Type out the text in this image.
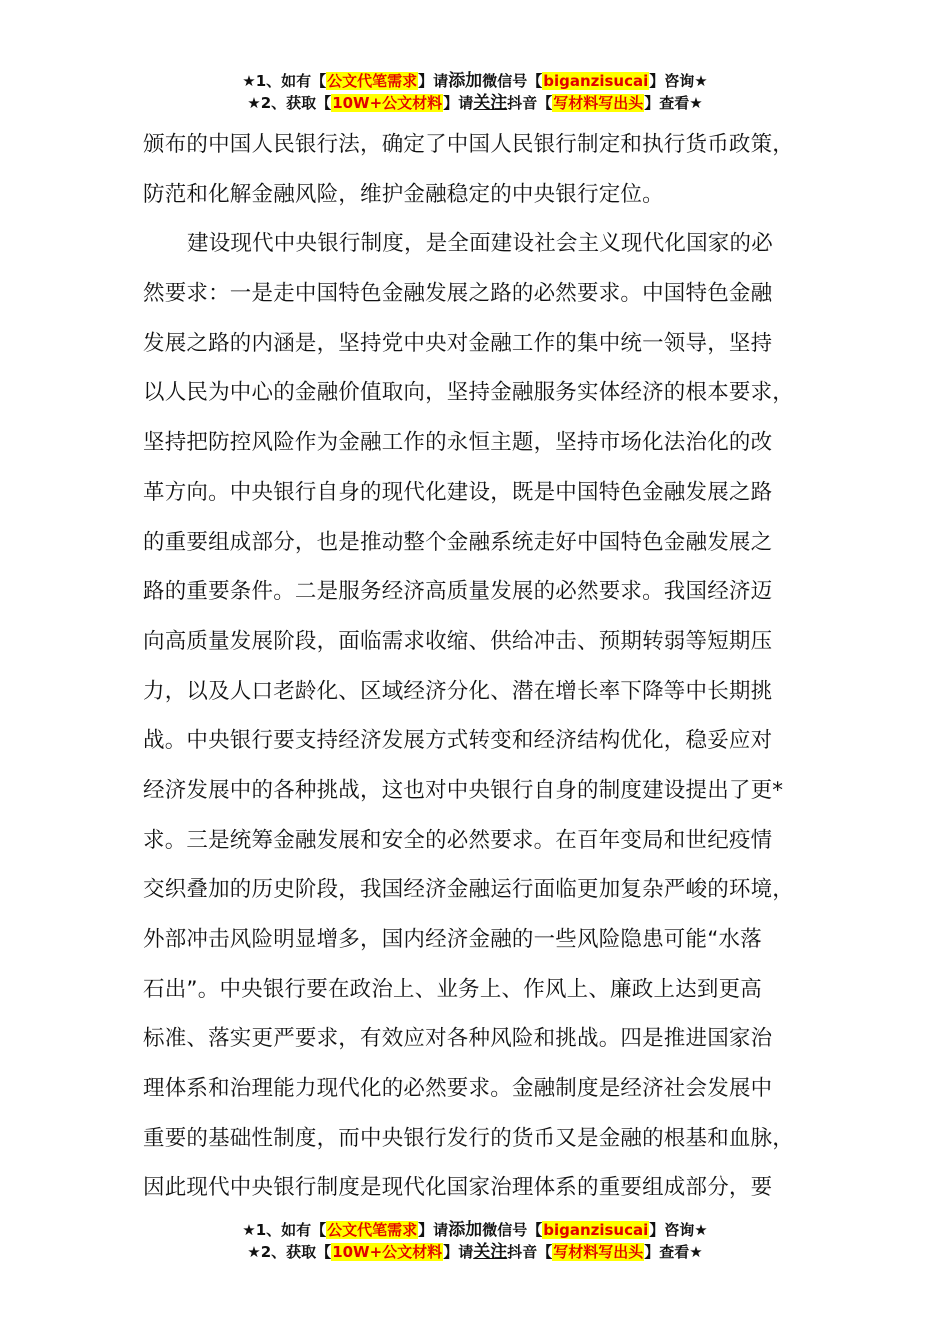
★1、如有【公文代笔需求】请添加微信号【biganzisucai】咨询★
★2、获取【10W+公文材料】请关注抖音【写材料写出头】查看★
颁布的中国人民银行法，确定了中国人民银行制定和执行货币政策，
防范和化解金融风险，维护金融稳定的中央银行定位。
建设现代中央银行制度，是全面建设社会主义现代化国家的必
然要求：一是走中国特色金融发展之路的必然要求。中国特色金融
发展之路的内涵是，坚持党中央对金融工作的集中统一领导，坚持
以人民为中心的金融价值取向，坚持金融服务实体经济的根本要求，
坚持把防控风险作为金融工作的永恒主题，坚持市场化法治化的改
革方向。中央银行自身的现代化建设，既是中国特色金融发展之路
的重要组成部分，也是推动整个金融系统走好中国特色金融发展之
路的重要条件。二是服务经济高质量发展的必然要求。我国经济迈
向高质量发展阶段，面临需求收缩、供给冲击、预期转弱等短期压
力，以及人口老龄化、区域经济分化、潜在增长率下降等中长期挑
战。中央银行要支持经济发展方式转变和经济结构优化，稳妥应对
经济发展中的各种挑战，这也对中央银行自身的制度建设提出了更*
求。三是统筹金融发展和安全的必然要求。在百年变局和世纪疫情
交织叠加的历史阶段，我国经济金融运行面临更加复杂严峻的环境，
外部冲击风险明显增多，国内经济金融的一些风险隐患可能“水落
石出”。中央银行要在政治上、业务上、作风上、廉政上达到更高
标准、落实更严要求，有效应对各种风险和挑战。四是推进国家治
理体系和治理能力现代化的必然要求。金融制度是经济社会发展中
重要的基础性制度，而中央银行发行的货币又是金融的根基和血脉，
因此现代中央银行制度是现代化国家治理体系的重要组成部分，要
★1、如有【公文代笔需求】请添加微信号【biganzisucai】咨询★
★2、获取【10W+公文材料】请关注抖音【写材料写出头】查看★
